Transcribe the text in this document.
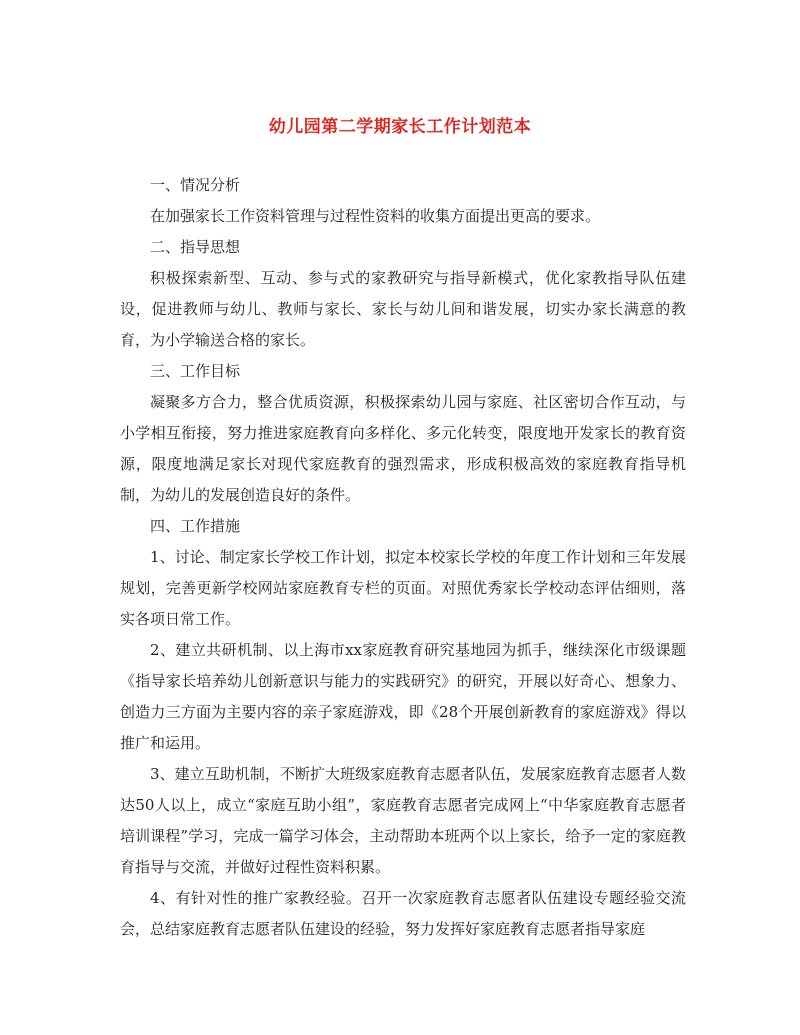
幼儿园第二学期家长工作计划范本

一、情况分析

在加强家长工作资料管理与过程性资料的收集方面提出更高的要求。

二、指导思想

积极探索新型、互动、参与式的家教研究与指导新模式，优化家教指导队伍建设，促进教师与幼儿、教师与家长、家长与幼儿间和谐发展，切实办家长满意的教育，为小学输送合格的家长。

三、工作目标

凝聚多方合力，整合优质资源，积极探索幼儿园与家庭、社区密切合作互动，与小学相互衔接，努力推进家庭教育向多样化、多元化转变，限度地开发家长的教育资源，限度地满足家长对现代家庭教育的强烈需求，形成积极高效的家庭教育指导机制，为幼儿的发展创造良好的条件。

四、工作措施

1、讨论、制定家长学校工作计划，拟定本校家长学校的年度工作计划和三年发展规划，完善更新学校网站家庭教育专栏的页面。对照优秀家长学校动态评估细则，落实各项日常工作。

2、建立共研机制、以上海市xx家庭教育研究基地园为抓手，继续深化市级课题《指导家长培养幼儿创新意识与能力的实践研究》的研究，开展以好奇心、想象力、创造力三方面为主要内容的亲子家庭游戏，即《28个开展创新教育的家庭游戏》得以推广和运用。

3、建立互助机制，不断扩大班级家庭教育志愿者队伍，发展家庭教育志愿者人数达50人以上，成立“家庭互助小组”，家庭教育志愿者完成网上“中华家庭教育志愿者培训课程”学习，完成一篇学习体会，主动帮助本班两个以上家长，给予一定的家庭教育指导与交流，并做好过程性资料积累。

4、有针对性的推广家教经验。召开一次家庭教育志愿者队伍建设专题经验交流会，总结家庭教育志愿者队伍建设的经验，努力发挥好家庭教育志愿者指导家庭
